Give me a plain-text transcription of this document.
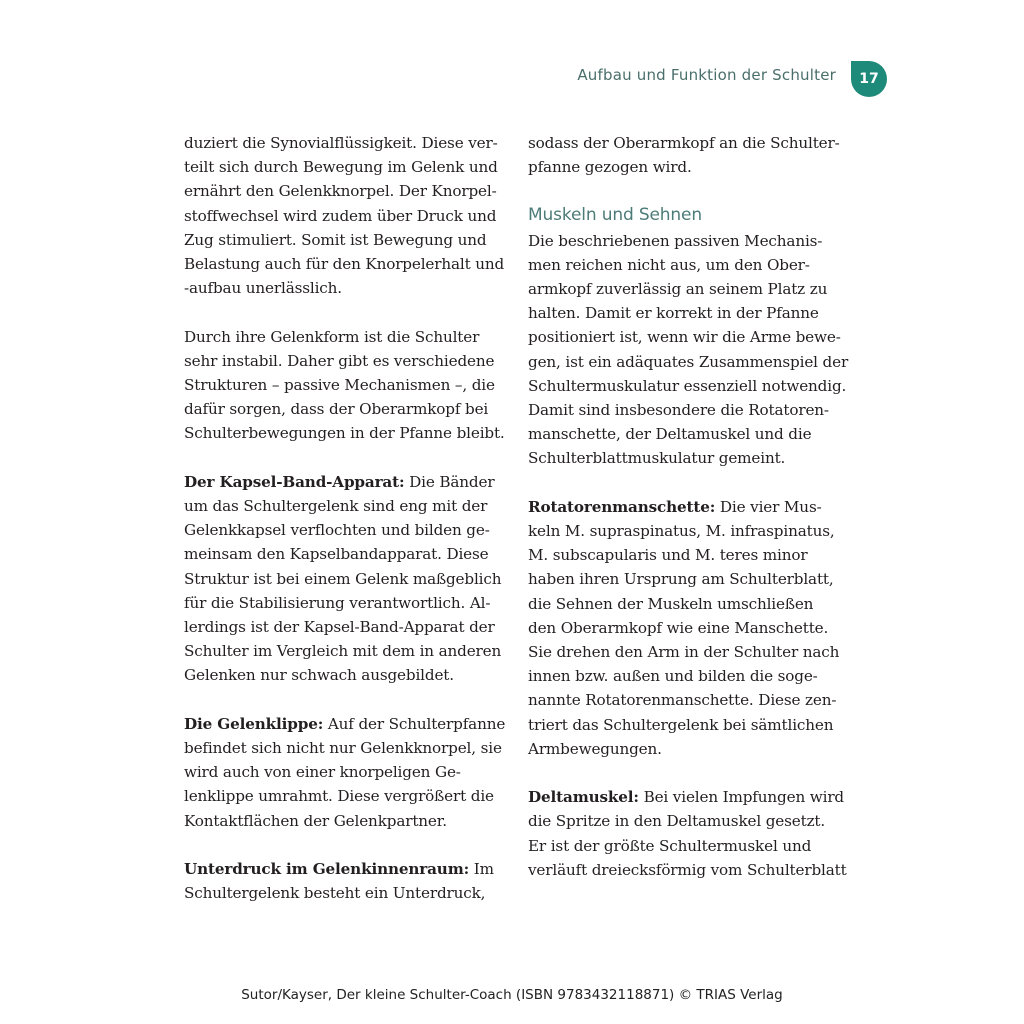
Aufbau und Funktion der Schulter	17

duziert die Synovialflüssigkeit. Diese ver-
teilt sich durch Bewegung im Gelenk und
ernährt den Gelenkknorpel. Der Knorpel-
stoffwechsel wird zudem über Druck und
Zug stimuliert. Somit ist Bewegung und
Belastung auch für den Knorpelerhalt und
-aufbau unerlässlich.

Durch ihre Gelenkform ist die Schulter
sehr instabil. Daher gibt es verschiedene
Strukturen – passive Mechanismen –, die
dafür sorgen, dass der Oberarmkopf bei
Schulterbewegungen in der Pfanne bleibt.

Der Kapsel-Band-Apparat: Die Bänder
um das Schultergelenk sind eng mit der
Gelenkkapsel verflochten und bilden ge-
meinsam den Kapselbandapparat. Diese
Struktur ist bei einem Gelenk maßgeblich
für die Stabilisierung verantwortlich. Al-
lerdings ist der Kapsel-Band-Apparat der
Schulter im Vergleich mit dem in anderen
Gelenken nur schwach ausgebildet.

Die Gelenklippe: Auf der Schulterpfanne
befindet sich nicht nur Gelenkknorpel, sie
wird auch von einer knorpeligen Ge-
lenklippe umrahmt. Diese vergrößert die
Kontaktflächen der Gelenkpartner.

Unterdruck im Gelenkinnenraum: Im
Schultergelenk besteht ein Unterdruck,

sodass der Oberarmkopf an die Schulter-
pfanne gezogen wird.

Muskeln und Sehnen

Die beschriebenen passiven Mechanis-
men reichen nicht aus, um den Ober-
armkopf zuverlässig an seinem Platz zu
halten. Damit er korrekt in der Pfanne
positioniert ist, wenn wir die Arme bewe-
gen, ist ein adäquates Zusammenspiel der
Schultermuskulatur essenziell notwendig.
Damit sind insbesondere die Rotatoren-
manschette, der Deltamuskel und die
Schulterblattmuskulatur gemeint.

Rotatorenmanschette: Die vier Mus-
keln M. supraspinatus, M. infraspinatus,
M. subscapularis und M. teres minor
haben ihren Ursprung am Schulterblatt,
die Sehnen der Muskeln umschließen
den Oberarmkopf wie eine Manschette.
Sie drehen den Arm in der Schulter nach
innen bzw. außen und bilden die soge-
nannte Rotatorenmanschette. Diese zen-
triert das Schultergelenk bei sämtlichen
Armbewegungen.

Deltamuskel: Bei vielen Impfungen wird
die Spritze in den Deltamuskel gesetzt.
Er ist der größte Schultermuskel und
verläuft dreiecksförmig vom Schulterblatt

Sutor/Kayser, Der kleine Schulter-Coach (ISBN 9783432118871) © TRIAS Verlag
